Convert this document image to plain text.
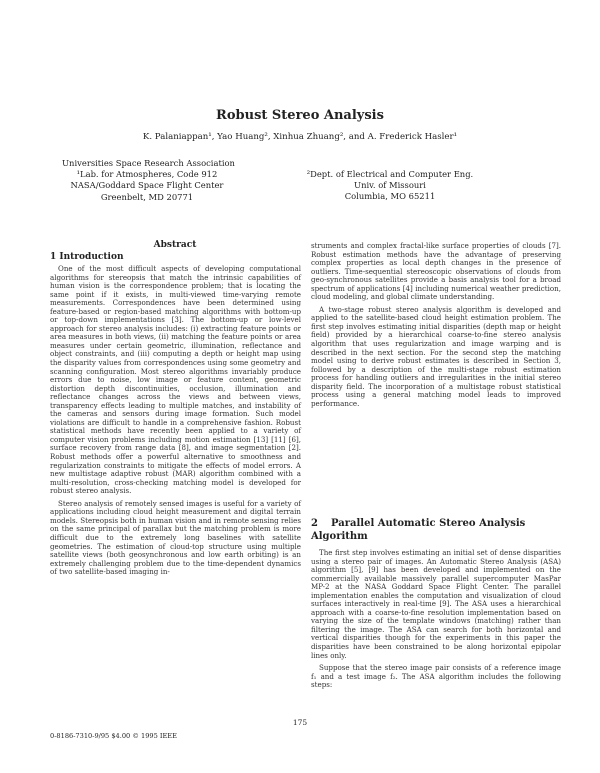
Robust Stereo Analysis
K. Palaniappan¹, Yao Huang², Xinhua Zhuang², and A. Frederick Hasler¹
Universities Space Research Association
¹Lab. for Atmospheres, Code 912
NASA/Goddard Space Flight Center
Greenbelt, MD 20771
²Dept. of Electrical and Computer Eng.
Univ. of Missouri
Columbia, MO 65211
Abstract
1 Introduction

One of the most difficult aspects of developing computational algorithms for stereopsis that match the intrinsic capabilities of human vision is the correspondence problem; that is locating the same point if it exists, in multi-viewed time-varying remote measurements. Correspondences have been determined using feature-based or region-based matching algorithms with bottom-up or top-down implementations [3]. The bottom-up or low-level approach for stereo analysis includes: (i) extracting feature points or area measures in both views, (ii) matching the feature points or area measures under certain geometric, illumination, reflectance and object constraints, and (iii) computing a depth or height map using the disparity values from correspondences using some geometry and scanning configuration. Most stereo algorithms invariably produce errors due to noise, low image or feature content, geometric distortion depth discontinuities, occlusion, illumination and reflectance changes across the views and between views, transparency effects leading to multiple matches, and instability of the cameras and sensors during image formation. Such model violations are difficult to handle in a comprehensive fashion. Robust statistical methods have recently been applied to a variety of computer vision problems including motion estimation [13] [11] [6], surface recovery from range data [8], and image segmentation [2]. Robust methods offer a powerful alternative to smoothness and regularization constraints to mitigate the effects of model errors. A new multistage adaptive robust (MAR) algorithm combined with a multi-resolution, cross-checking matching model is developed for robust stereo analysis.

Stereo analysis of remotely sensed images is useful for a variety of applications including cloud height measurement and digital terrain models. Stereopsis both in human vision and in remote sensing relies on the same principal of parallax but the matching problem is more difficult due to the extremely long baselines with satellite geometries. The estimation of cloud-top structure using multiple satellite views (both geosynchronous and low earth orbiting) is an extremely challenging problem due to the time-dependent dynamics of two satellite-based imaging in-

struments and complex fractal-like surface properties of clouds [7]. Robust estimation methods have the advantage of preserving complex properties as local depth changes in the presence of outliers. Time-sequential stereoscopic observations of clouds from geo-synchronous satellites provide a basis analysis tool for a broad spectrum of applications [4] including numerical weather prediction, cloud modeling, and global climate understanding.

A two-stage robust stereo analysis algorithm is developed and applied to the satellite-based cloud height estimation problem. The first step involves estimating initial disparities (depth map or height field) provided by a hierarchical coarse-to-fine stereo analysis algorithm that uses regularization and image warping and is described in the next section. For the second step the matching model using to derive robust estimates is described in Section 3, followed by a description of the multi-stage robust estimation process for handling outliers and irregularities in the initial stereo disparity field. The incorporation of a multistage robust statistical process using a general matching model leads to improved performance.

2 Parallel Automatic Stereo Analysis Algorithm

The first step involves estimating an initial set of dense disparities using a stereo pair of images. An Automatic Stereo Analysis (ASA) algorithm [5], [9] has been developed and implemented on the commercially available massively parallel supercomputer MasPar MP-2 at the NASA Goddard Space Flight Center. The parallel implementation enables the computation and visualization of cloud surfaces interactively in real-time [9]. The ASA uses a hierarchical approach with a coarse-to-fine resolution implementation based on varying the size of the template windows (matching) rather than filtering the image. The ASA can search for both horizontal and vertical disparities though for the experiments in this paper the disparities have been constrained to be along horizontal epipolar lines only.

Suppose that the stereo image pair consists of a reference image f₁ and a test image f₂. The ASA algorithm includes the following steps:

175
0-8186-7310-9/95 $4.00 © 1995 IEEE
